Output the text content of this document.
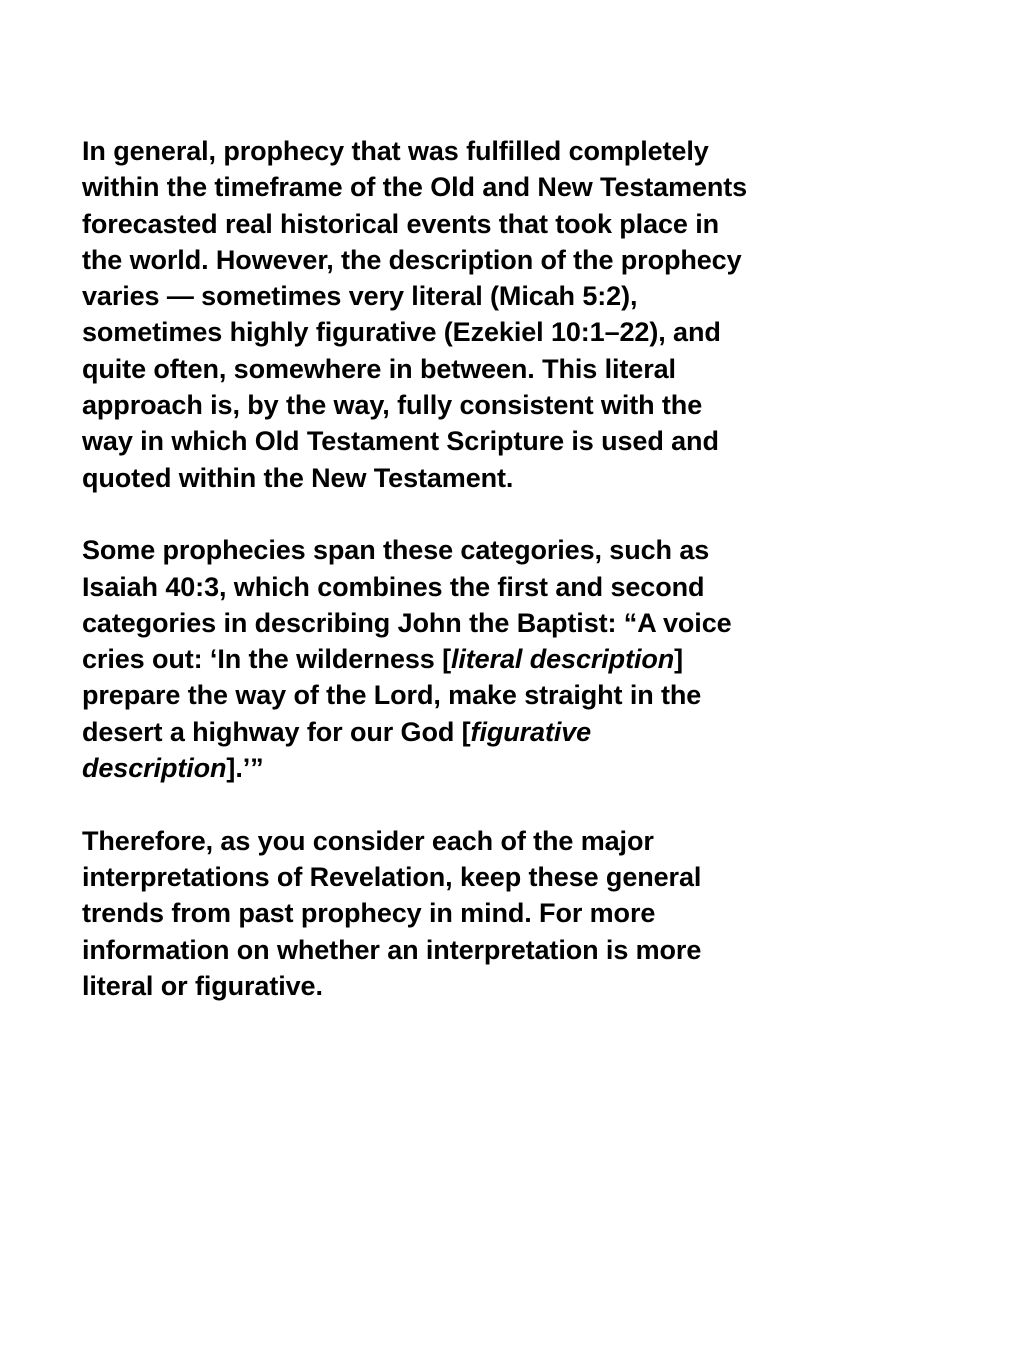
In general, prophecy that was fulfilled completely
within the timeframe of the Old and New Testaments
forecasted real historical events that took place in
the world. However, the description of the prophecy
varies — sometimes very literal (Micah 5:2),
sometimes highly figurative (Ezekiel 10:1–22), and
quite often, somewhere in between. This literal
approach is, by the way, fully consistent with the
way in which Old Testament Scripture is used and
quoted within the New Testament.

Some prophecies span these categories, such as
Isaiah 40:3, which combines the first and second
categories in describing John the Baptist: “A voice
cries out: ‘In the wilderness [literal description]
prepare the way of the Lord, make straight in the
desert a highway for our God [figurative
description].’”

Therefore, as you consider each of the major
interpretations of Revelation, keep these general
trends from past prophecy in mind. For more
information on whether an interpretation is more
literal or figurative.
